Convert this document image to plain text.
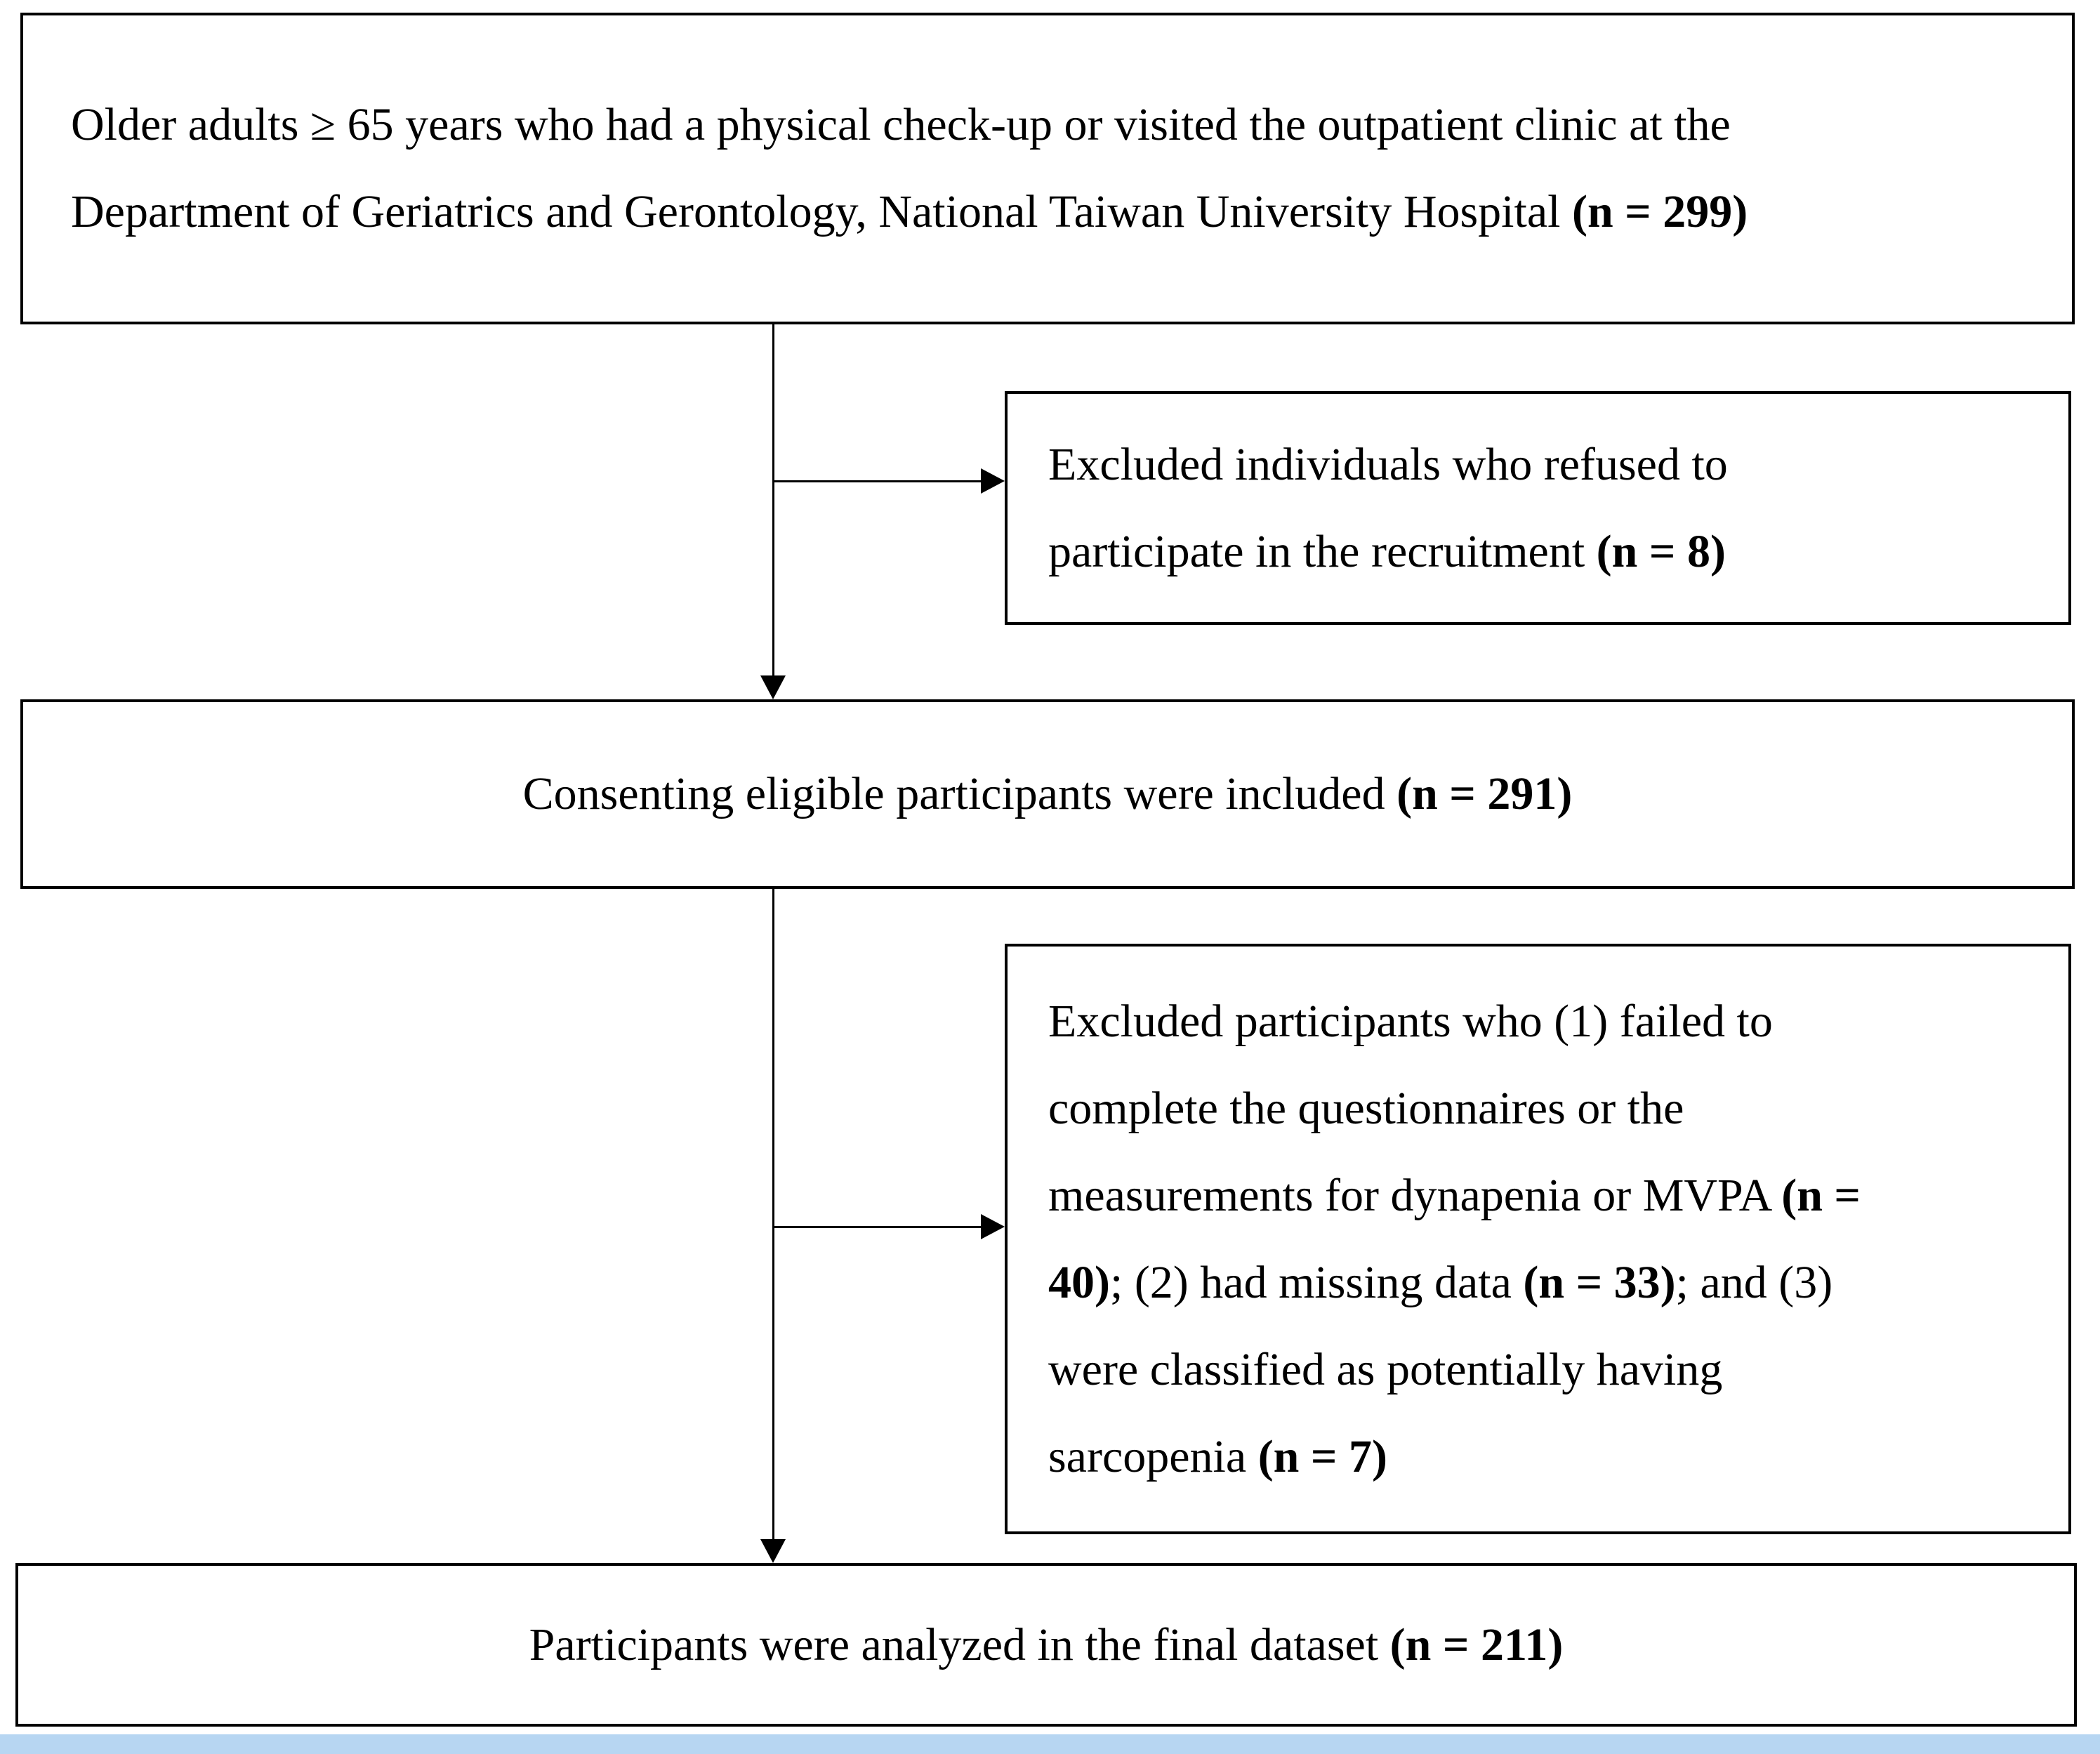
Older adults ≥ 65 years who had a physical check-up or visited the outpatient clinic at the
Department of Geriatrics and Gerontology, National Taiwan University Hospital (n = 299)
Excluded individuals who refused to
participate in the recruitment (n = 8)
Consenting eligible participants were included (n = 291)
Excluded participants who (1) failed to
complete the questionnaires or the
measurements for dynapenia or MVPA (n =
40); (2) had missing data (n = 33); and (3)
were classified as potentially having
sarcopenia (n = 7)
Participants were analyzed in the final dataset (n = 211)
